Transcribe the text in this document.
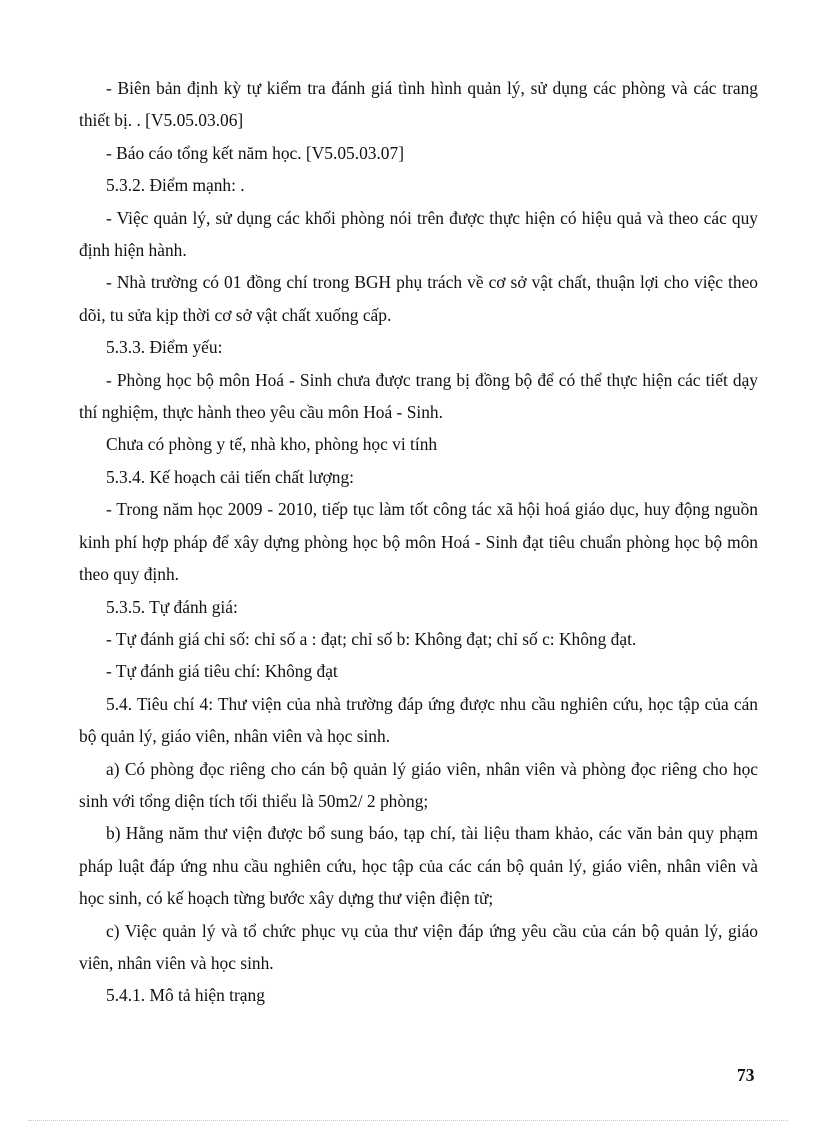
- Biên bản định kỳ tự kiểm tra đánh giá tình hình quản lý, sử dụng các phòng và các trang thiết bị. . [V5.05.03.06]

- Báo cáo tổng kết năm học. [V5.05.03.07]

5.3.2. Điểm mạnh: .

- Việc quản lý, sử dụng các khối phòng nói trên được thực hiện có hiệu quả và theo các quy định hiện hành.

- Nhà trường có 01 đồng chí trong BGH phụ trách về cơ sở vật chất, thuận lợi cho việc theo dõi, tu sửa kịp thời cơ sở vật chất xuống cấp.

5.3.3. Điểm yếu:

- Phòng học bộ môn Hoá - Sinh chưa được trang bị đồng bộ để có thể thực hiện các tiết dạy thí nghiệm, thực hành theo yêu cầu môn Hoá - Sinh.

Chưa có phòng y tế, nhà kho, phòng học vi tính

5.3.4. Kế hoạch cải tiến chất lượng:

- Trong năm học 2009 - 2010, tiếp tục làm tốt công tác xã hội hoá giáo dục, huy động nguồn kinh phí hợp pháp để xây dựng phòng học bộ môn Hoá - Sinh đạt tiêu chuẩn phòng học bộ môn theo quy định.

5.3.5. Tự đánh giá:

- Tự đánh giá chỉ số: chỉ số a : đạt; chỉ số b: Không đạt; chỉ số c: Không đạt.

- Tự đánh giá tiêu chí: Không đạt

5.4. Tiêu chí 4: Thư viện của nhà trường đáp ứng được nhu cầu nghiên cứu, học tập của cán bộ quản lý, giáo viên, nhân viên và học sinh.

a) Có phòng đọc riêng cho cán bộ quản lý giáo viên, nhân viên và phòng đọc riêng cho học sinh với tổng diện tích tối thiểu là 50m2/ 2 phòng;

b) Hằng năm thư viện được bổ sung báo, tạp chí, tài liệu tham khảo, các văn bản quy phạm pháp luật đáp ứng nhu cầu nghiên cứu, học tập của các cán bộ quản lý, giáo viên, nhân viên và học sinh, có kế hoạch từng bước xây dựng thư viện điện tử;

c) Việc quản lý và tổ chức phục vụ của thư viện đáp ứng yêu cầu của cán bộ quản lý, giáo viên, nhân viên và học sinh.

5.4.1. Mô tả hiện trạng

73
